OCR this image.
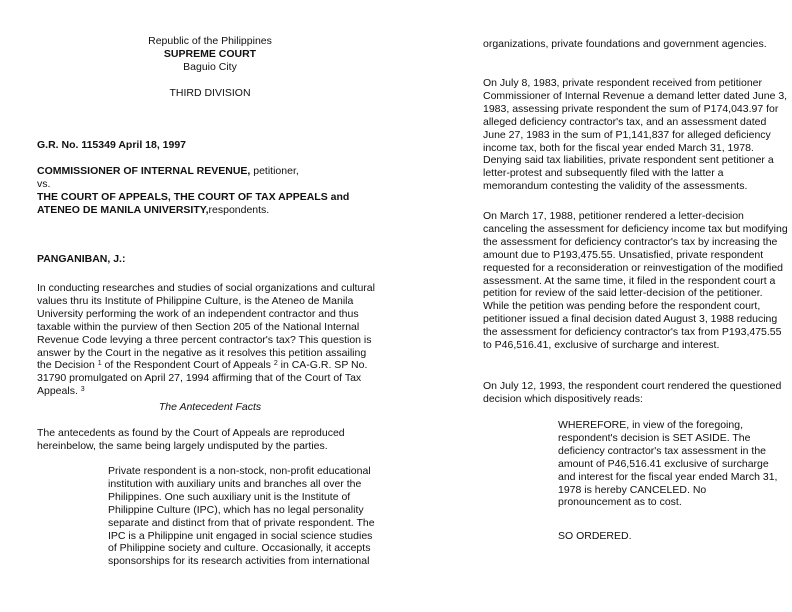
Republic of the Philippines

SUPREME COURT

Baguio City

THIRD DIVISION

G.R. No. 115349 April 18, 1997

COMMISSIONER OF INTERNAL REVENUE, petitioner,

vs.

THE COURT OF APPEALS, THE COURT OF TAX APPEALS and

ATENEO DE MANILA UNIVERSITY,respondents.

PANGANIBAN, J.:

In conducting researches and studies of social organizations and cultural values thru its Institute of Philippine Culture, is the Ateneo de Manila University performing the work of an independent contractor and thus taxable within the purview of then Section 205 of the National Internal Revenue Code levying a three percent contractor's tax? This question is answer by the Court in the negative as it resolves this petition assailing the Decision $^1$ of the Respondent Court of Appeals $^2$ in CA-G.R. SP No. 31790 promulgated on April 27, 1994 affirming that of the Court of Tax Appeals. $^3$

The Antecedent Facts

The antecedents as found by the Court of Appeals are reproduced hereinbelow, the same being largely undisputed by the parties.

Private respondent is a non-stock, non-profit educational institution with auxiliary units and branches all over the Philippines. One such auxiliary unit is the Institute of Philippine Culture (IPC), which has no legal personality separate and distinct from that of private respondent. The IPC is a Philippine unit engaged in social science studies of Philippine society and culture. Occasionally, it accepts sponsorships for its research activities from international

organizations, private foundations and government agencies.

On July 8, 1983, private respondent received from petitioner Commissioner of Internal Revenue a demand letter dated June 3, 1983, assessing private respondent the sum of P174,043.97 for alleged deficiency contractor's tax, and an assessment dated June 27, 1983 in the sum of P1,141,837 for alleged deficiency income tax, both for the fiscal year ended March 31, 1978. Denying said tax liabilities, private respondent sent petitioner a letter-protest and subsequently filed with the latter a memorandum contesting the validity of the assessments.

On March 17, 1988, petitioner rendered a letter-decision canceling the assessment for deficiency income tax but modifying the assessment for deficiency contractor's tax by increasing the amount due to P193,475.55. Unsatisfied, private respondent requested for a reconsideration or reinvestigation of the modified assessment. At the same time, it filed in the respondent court a petition for review of the said letter-decision of the petitioner. While the petition was pending before the respondent court, petitioner issued a final decision dated August 3, 1988 reducing the assessment for deficiency contractor's tax from P193,475.55 to P46,516.41, exclusive of surcharge and interest.

On July 12, 1993, the respondent court rendered the questioned decision which dispositively reads:

WHEREFORE, in view of the foregoing, respondent's decision is SET ASIDE. The deficiency contractor's tax assessment in the amount of P46,516.41 exclusive of surcharge and interest for the fiscal year ended March 31, 1978 is hereby CANCELED. No pronouncement as to cost.

SO ORDERED.
